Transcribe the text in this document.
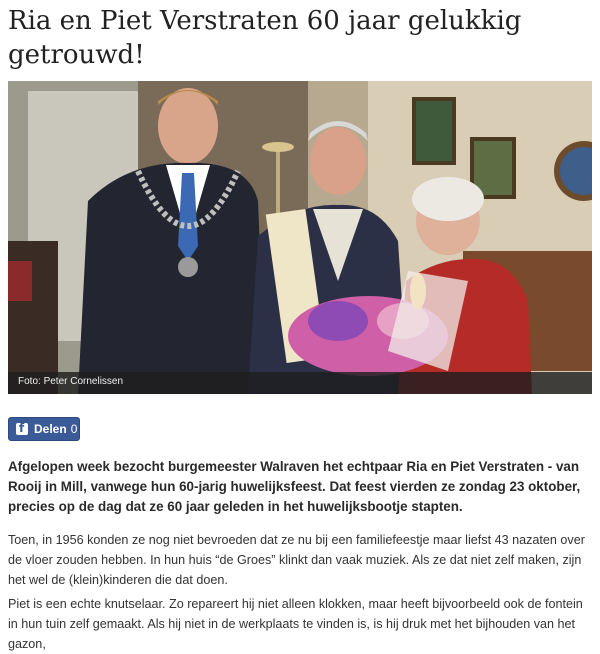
Ria en Piet Verstraten 60 jaar gelukkig getrouwd!
Foto: Peter Cornelissen
f
Delen 0

Afgelopen week bezocht burgemeester Walraven het echtpaar Ria en Piet Verstraten - van Rooij in Mill, vanwege hun 60-jarig huwelijksfeest. Dat feest vierden ze zondag 23 oktober, precies op de dag dat ze 60 jaar geleden in het huwelijksbootje stapten.

Toen, in 1956 konden ze nog niet bevroeden dat ze nu bij een familiefeestje maar liefst 43 nazaten over de vloer zouden hebben. In hun huis “de Groes” klinkt dan vaak muziek. Als ze dat niet zelf maken, zijn het wel de (klein)kinderen die dat doen.

Piet is een echte knutselaar. Zo repareert hij niet alleen klokken, maar heeft bijvoorbeeld ook de fontein in hun tuin zelf gemaakt. Als hij niet in de werkplaats te vinden is, is hij druk met het bijhouden van het gazon,
